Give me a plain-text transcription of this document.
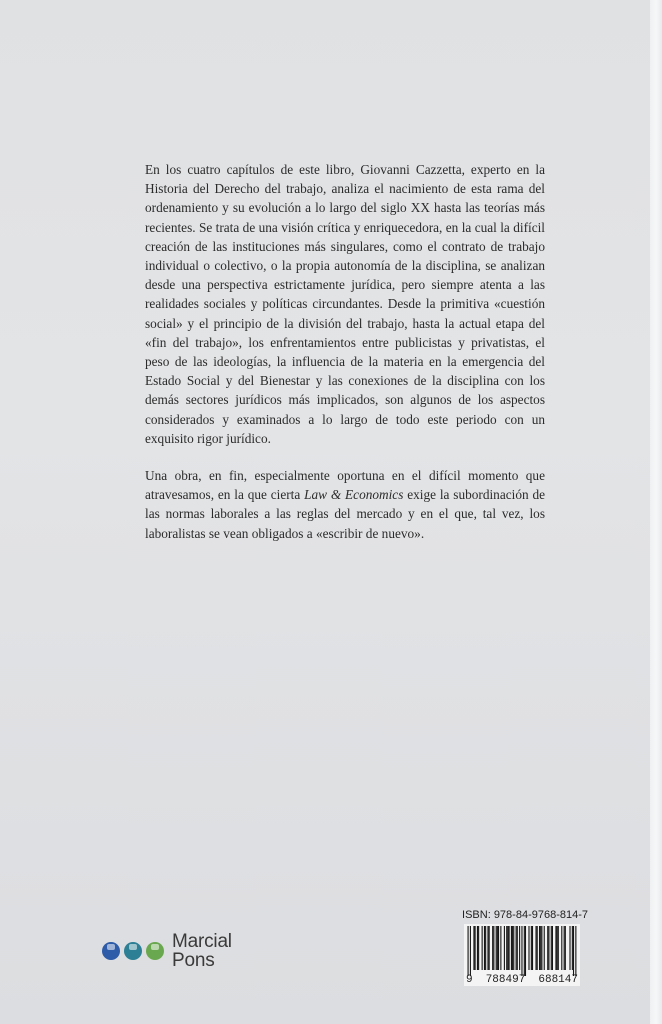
En los cuatro capítulos de este libro, Giovanni Cazzetta, experto en la Historia del Derecho del trabajo, analiza el nacimiento de esta rama del ordenamiento y su evolución a lo largo del siglo XX hasta las teorías más recientes. Se trata de una visión crítica y enriquecedora, en la cual la difícil creación de las instituciones más singulares, como el contrato de trabajo individual o colectivo, o la propia autonomía de la disciplina, se analizan desde una perspectiva estrictamente jurídica, pero siempre atenta a las realidades sociales y políticas circundantes. Desde la primitiva «cuestión social» y el principio de la división del trabajo, hasta la actual etapa del «fin del trabajo», los enfrentamientos entre publicistas y privatistas, el peso de las ideologías, la influencia de la materia en la emergencia del Estado Social y del Bienestar y las conexiones de la disciplina con los demás sectores jurídicos más implicados, son algunos de los aspectos considerados y examinados a lo largo de todo este periodo con un exquisito rigor jurídico.

Una obra, en fin, especialmente oportuna en el difícil momento que atravesamos, en la que cierta Law & Economics exige la subordinación de las normas laborales a las reglas del mercado y en el que, tal vez, los laboralistas se vean obligados a «escribir de nuevo».

Marcial
Pons
ISBN: 978-84-9768-814-7
9 788497 688147
